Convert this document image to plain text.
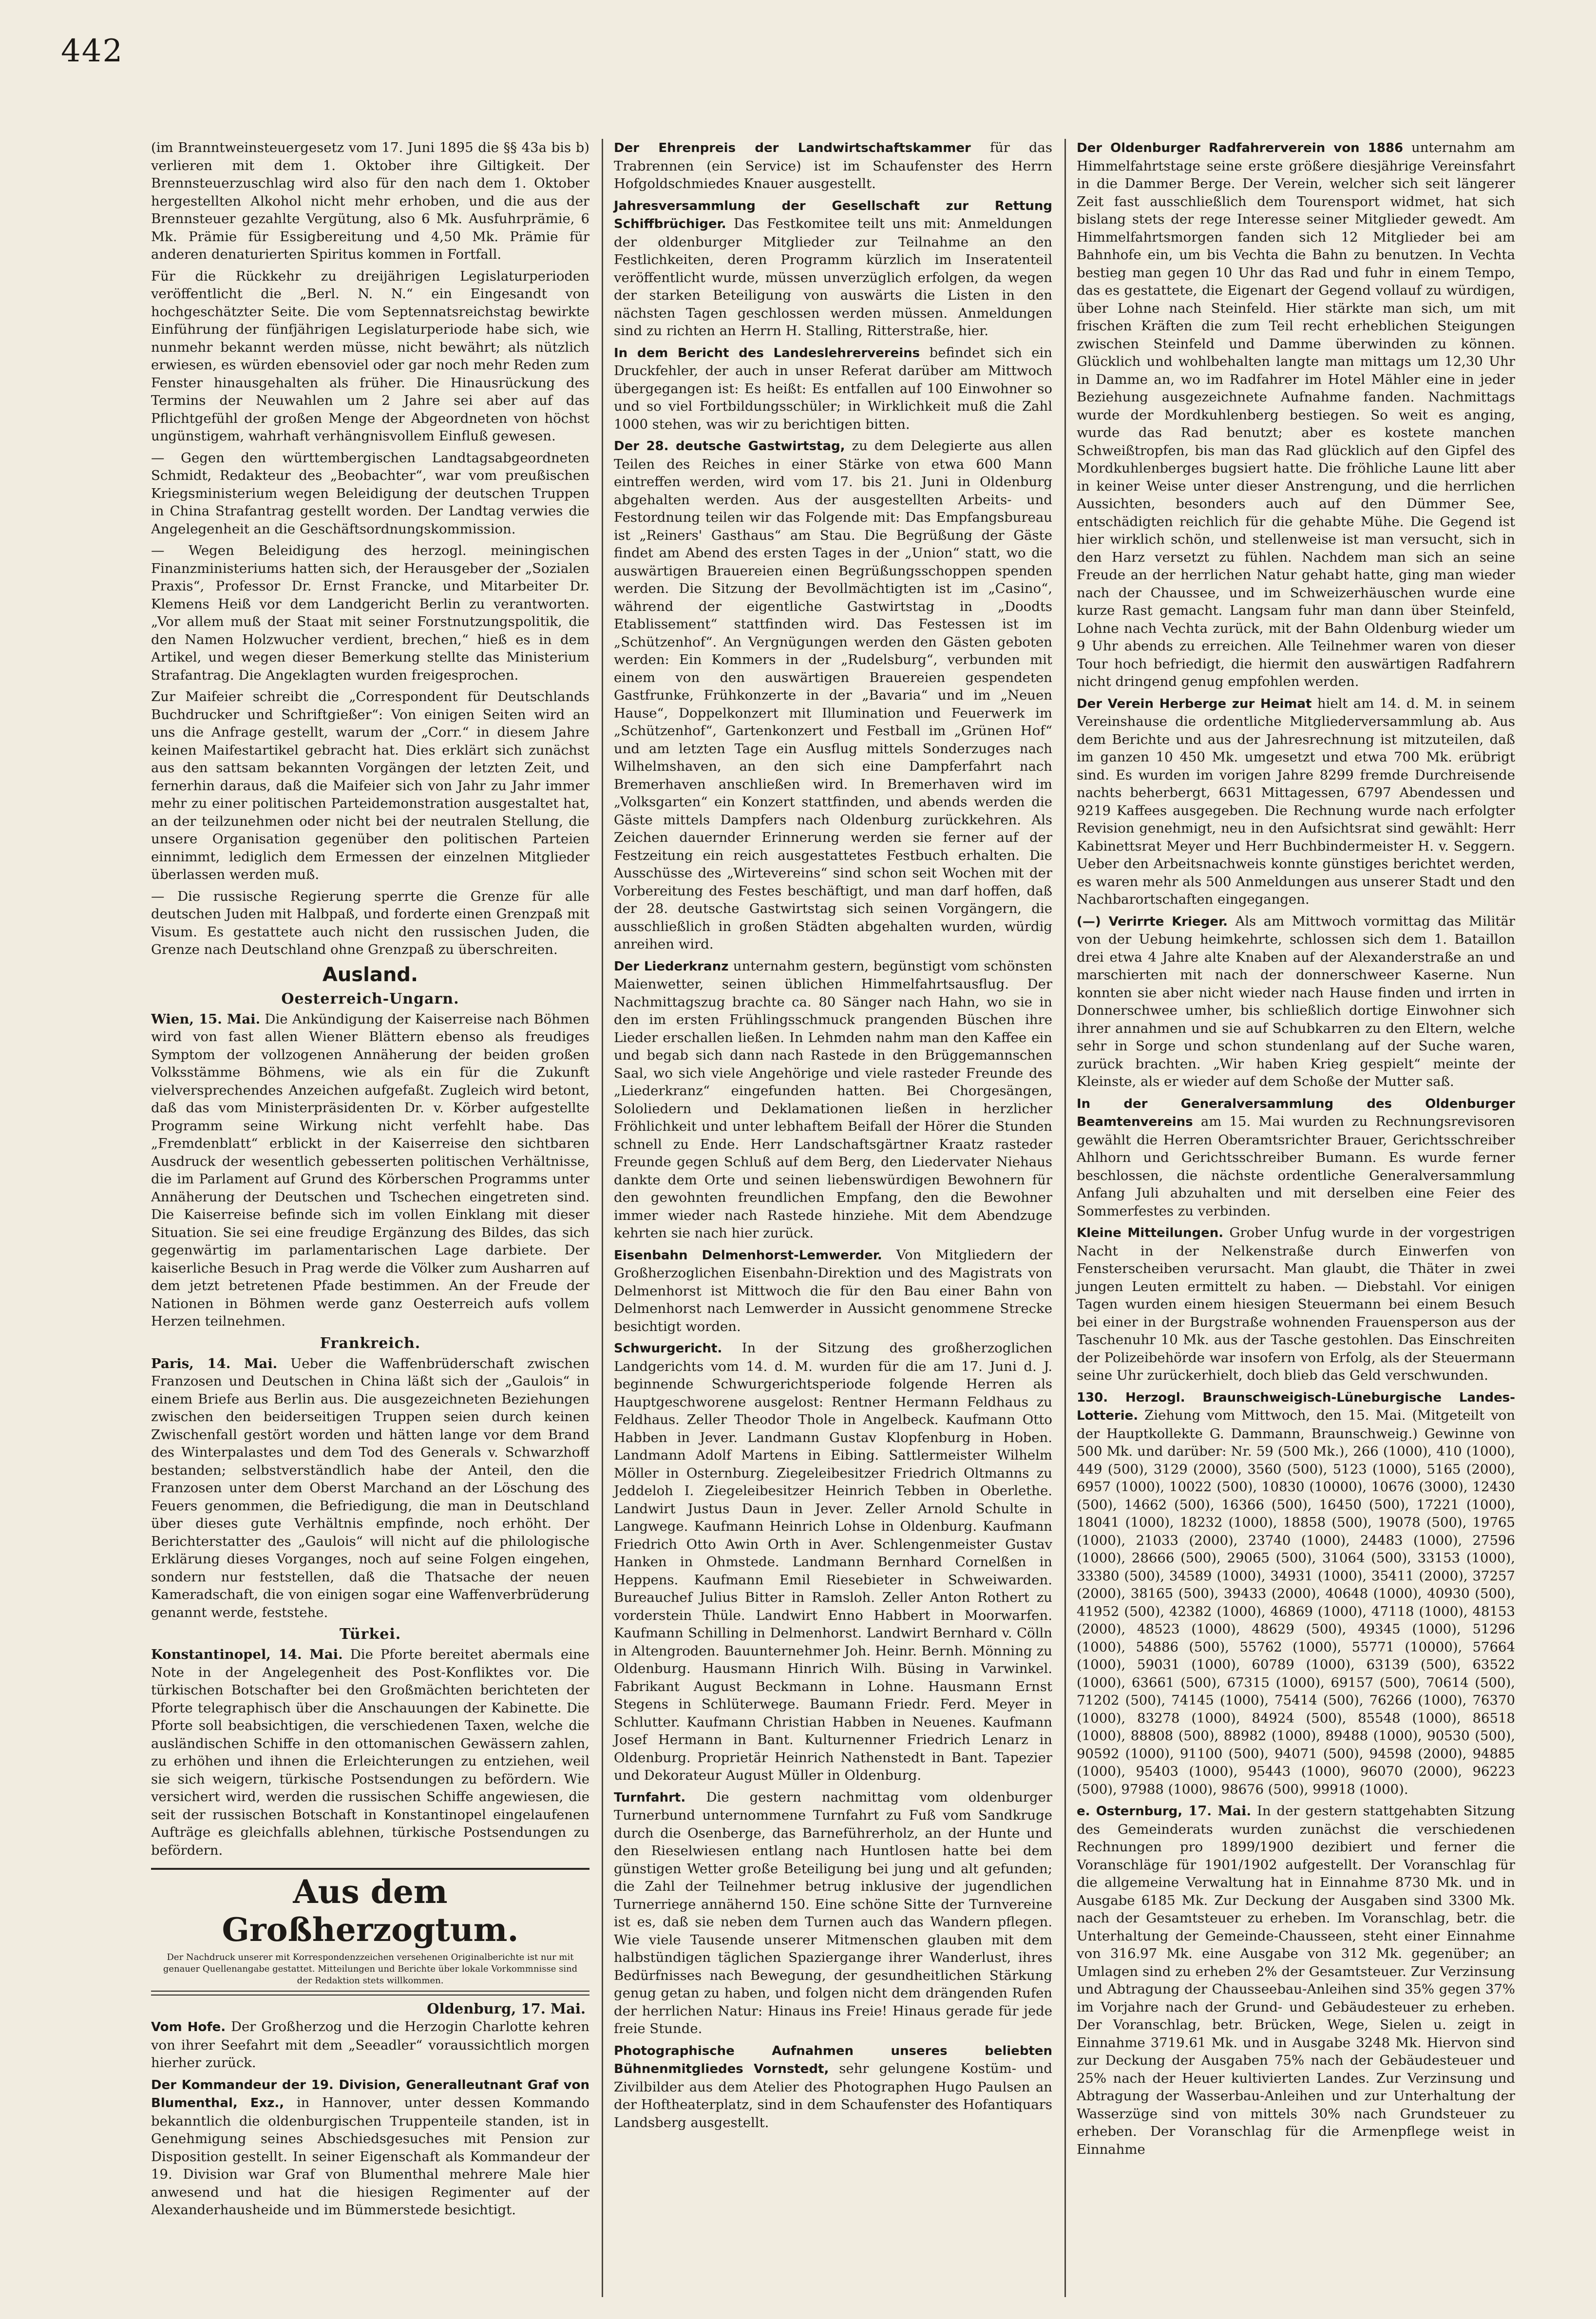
442

(im Branntweinsteuergesetz vom 17. Juni 1895 die §§ 43a bis b) verlieren mit dem 1. Oktober ihre Giltigkeit. Der Brennsteuerzuschlag wird also für den nach dem 1. Oktober hergestellten Alkohol nicht mehr erhoben, und die aus der Brennsteuer gezahlte Vergütung, also 6 Mk. Ausfuhrprämie, 6 Mk. Prämie für Essigbereitung und 4,50 Mk. Prämie für anderen denaturierten Spiritus kommen in Fortfall.

Für die Rückkehr zu dreijährigen Legislaturperioden veröffentlicht die „Berl. N. N.“ ein Eingesandt von hochgeschätzter Seite. Die vom Septennatsreichstag bewirkte Einführung der fünfjährigen Legislaturperiode habe sich, wie nunmehr bekannt werden müsse, nicht bewährt; als nützlich erwiesen, es würden ebensoviel oder gar noch mehr Reden zum Fenster hinausgehalten als früher. Die Hinausrückung des Termins der Neuwahlen um 2 Jahre sei aber auf das Pflichtgefühl der großen Menge der Abgeordneten von höchst ungünstigem, wahrhaft verhängnisvollem Einfluß gewesen.

— Gegen den württembergischen Landtagsabgeordneten Schmidt, Redakteur des „Beobachter“, war vom preußischen Kriegsministerium wegen Beleidigung der deutschen Truppen in China Strafantrag gestellt worden. Der Landtag verwies die Angelegenheit an die Geschäftsordnungskommission.

— Wegen Beleidigung des herzogl. meiningischen Finanzministeriums hatten sich, der Herausgeber der „Sozialen Praxis“, Professor Dr. Ernst Francke, und Mitarbeiter Dr. Klemens Heiß vor dem Landgericht Berlin zu verantworten. „Vor allem muß der Staat mit seiner Forstnutzungspolitik, die den Namen Holzwucher verdient, brechen,“ hieß es in dem Artikel, und wegen dieser Bemerkung stellte das Ministerium Strafantrag. Die Angeklagten wurden freigesprochen.

Zur Maifeier schreibt die „Correspondent für Deutschlands Buchdrucker und Schriftgießer“: Von einigen Seiten wird an uns die Anfrage gestellt, warum der „Corr.“ in diesem Jahre keinen Maifestartikel gebracht hat. Dies erklärt sich zunächst aus den sattsam bekannten Vorgängen der letzten Zeit, und fernerhin daraus, daß die Maifeier sich von Jahr zu Jahr immer mehr zu einer politischen Parteidemonstration ausgestaltet hat, an der teilzunehmen oder nicht bei der neutralen Stellung, die unsere Organisation gegenüber den politischen Parteien einnimmt, lediglich dem Ermessen der einzelnen Mitglieder überlassen werden muß.

— Die russische Regierung sperrte die Grenze für alle deutschen Juden mit Halbpaß, und forderte einen Grenzpaß mit Visum. Es gestattete auch nicht den russischen Juden, die Grenze nach Deutschland ohne Grenzpaß zu überschreiten.

Ausland.
Oesterreich-Ungarn.

Wien, 15. Mai. Die Ankündigung der Kaiserreise nach Böhmen wird von fast allen Wiener Blättern ebenso als freudiges Symptom der vollzogenen Annäherung der beiden großen Volksstämme Böhmens, wie als ein für die Zukunft vielversprechendes Anzeichen aufgefaßt. Zugleich wird betont, daß das vom Ministerpräsidenten Dr. v. Körber aufgestellte Programm seine Wirkung nicht verfehlt habe. Das „Fremdenblatt“ erblickt in der Kaiserreise den sichtbaren Ausdruck der wesentlich gebesserten politischen Verhältnisse, die im Parlament auf Grund des Körberschen Programms unter Annäherung der Deutschen und Tschechen eingetreten sind. Die Kaiserreise befinde sich im vollen Einklang mit dieser Situation. Sie sei eine freudige Ergänzung des Bildes, das sich gegenwärtig im parlamentarischen Lage darbiete. Der kaiserliche Besuch in Prag werde die Völker zum Ausharren auf dem jetzt betretenen Pfade bestimmen. An der Freude der Nationen in Böhmen werde ganz Oesterreich aufs vollem Herzen teilnehmen.

Frankreich.

Paris, 14. Mai. Ueber die Waffenbrüderschaft zwischen Franzosen und Deutschen in China läßt sich der „Gaulois“ in einem Briefe aus Berlin aus. Die ausgezeichneten Beziehungen zwischen den beiderseitigen Truppen seien durch keinen Zwischenfall gestört worden und hätten lange vor dem Brand des Winterpalastes und dem Tod des Generals v. Schwarzhoff bestanden; selbstverständlich habe der Anteil, den die Franzosen unter dem Oberst Marchand an der Löschung des Feuers genommen, die Befriedigung, die man in Deutschland über dieses gute Verhältnis empfinde, noch erhöht. Der Berichterstatter des „Gaulois“ will nicht auf die philologische Erklärung dieses Vorganges, noch auf seine Folgen eingehen, sondern nur feststellen, daß die Thatsache der neuen Kameradschaft, die von einigen sogar eine Waffenverbrüderung genannt werde, feststehe.

Türkei.

Konstantinopel, 14. Mai. Die Pforte bereitet abermals eine Note in der Angelegenheit des Post-Konfliktes vor. Die türkischen Botschafter bei den Großmächten berichteten der Pforte telegraphisch über die Anschauungen der Kabinette. Die Pforte soll beabsichtigen, die verschiedenen Taxen, welche die ausländischen Schiffe in den ottomanischen Gewässern zahlen, zu erhöhen und ihnen die Erleichterungen zu entziehen, weil sie sich weigern, türkische Postsendungen zu befördern. Wie versichert wird, werden die russischen Schiffe angewiesen, die seit der russischen Botschaft in Konstantinopel eingelaufenen Aufträge es gleichfalls ablehnen, türkische Postsendungen zu befördern.

Aus dem Großherzogtum.
Der Nachdruck unserer mit Korrespondenzzeichen versehenen Originalberichte ist nur mit genauer Quellenangabe gestattet. Mitteilungen und Berichte über lokale Vorkommnisse sind der Redaktion stets willkommen.
Oldenburg, 17. Mai.

Vom Hofe. Der Großherzog und die Herzogin Charlotte kehren von ihrer Seefahrt mit dem „Seeadler“ voraussichtlich morgen hierher zurück.

Der Kommandeur der 19. Division, Generalleutnant Graf von Blumenthal, Exz., in Hannover, unter dessen Kommando bekanntlich die oldenburgischen Truppenteile standen, ist in Genehmigung seines Abschiedsgesuches mit Pension zur Disposition gestellt. In seiner Eigenschaft als Kommandeur der 19. Division war Graf von Blumenthal mehrere Male hier anwesend und hat die hiesigen Regimenter auf der Alexanderhausheide und im Bümmerstede besichtigt.

Der Ehrenpreis der Landwirtschaftskammer für das Trabrennen (ein Service) ist im Schaufenster des Herrn Hofgoldschmiedes Knauer ausgestellt.

Jahresversammlung der Gesellschaft zur Rettung Schiffbrüchiger. Das Festkomitee teilt uns mit: Anmeldungen der oldenburger Mitglieder zur Teilnahme an den Festlichkeiten, deren Programm kürzlich im Inseratenteil veröffentlicht wurde, müssen unverzüglich erfolgen, da wegen der starken Beteiligung von auswärts die Listen in den nächsten Tagen geschlossen werden müssen. Anmeldungen sind zu richten an Herrn H. Stalling, Ritterstraße, hier.

In dem Bericht des Landeslehrervereins befindet sich ein Druckfehler, der auch in unser Referat darüber am Mittwoch übergegangen ist: Es heißt: Es entfallen auf 100 Einwohner so und so viel Fortbildungsschüler; in Wirklichkeit muß die Zahl 1000 stehen, was wir zu berichtigen bitten.

Der 28. deutsche Gastwirtstag, zu dem Delegierte aus allen Teilen des Reiches in einer Stärke von etwa 600 Mann eintreffen werden, wird vom 17. bis 21. Juni in Oldenburg abgehalten werden. Aus der ausgestellten Arbeits- und Festordnung teilen wir das Folgende mit: Das Empfangsbureau ist „Reiners' Gasthaus“ am Stau. Die Begrüßung der Gäste findet am Abend des ersten Tages in der „Union“ statt, wo die auswärtigen Brauereien einen Begrüßungsschoppen spenden werden. Die Sitzung der Bevollmächtigten ist im „Casino“, während der eigentliche Gastwirtstag in „Doodts Etablissement“ stattfinden wird. Das Festessen ist im „Schützenhof“. An Vergnügungen werden den Gästen geboten werden: Ein Kommers in der „Rudelsburg“, verbunden mit einem von den auswärtigen Brauereien gespendeten Gastfrunke, Frühkonzerte in der „Bavaria“ und im „Neuen Hause“, Doppelkonzert mit Illumination und Feuerwerk im „Schützenhof“, Gartenkonzert und Festball im „Grünen Hof“ und am letzten Tage ein Ausflug mittels Sonderzuges nach Wilhelmshaven, an den sich eine Dampferfahrt nach Bremerhaven anschließen wird. In Bremerhaven wird im „Volksgarten“ ein Konzert stattfinden, und abends werden die Gäste mittels Dampfers nach Oldenburg zurückkehren. Als Zeichen dauernder Erinnerung werden sie ferner auf der Festzeitung ein reich ausgestattetes Festbuch erhalten. Die Ausschüsse des „Wirtevereins“ sind schon seit Wochen mit der Vorbereitung des Festes beschäftigt, und man darf hoffen, daß der 28. deutsche Gastwirtstag sich seinen Vorgängern, die ausschließlich in großen Städten abgehalten wurden, würdig anreihen wird.

Der Liederkranz unternahm gestern, begünstigt vom schönsten Maienwetter, seinen üblichen Himmelfahrtsausflug. Der Nachmittagszug brachte ca. 80 Sänger nach Hahn, wo sie in den im ersten Frühlingsschmuck prangenden Büschen ihre Lieder erschallen ließen. In Lehmden nahm man den Kaffee ein und begab sich dann nach Rastede in den Brüggemannschen Saal, wo sich viele Angehörige und viele rasteder Freunde des „Liederkranz“ eingefunden hatten. Bei Chorgesängen, Sololiedern und Deklamationen ließen in herzlicher Fröhlichkeit und unter lebhaftem Beifall der Hörer die Stunden schnell zu Ende. Herr Landschaftsgärtner Kraatz rasteder Freunde gegen Schluß auf dem Berg, den Liedervater Niehaus dankte dem Orte und seinen liebenswürdigen Bewohnern für den gewohnten freundlichen Empfang, den die Bewohner immer wieder nach Rastede hinziehe. Mit dem Abendzuge kehrten sie nach hier zurück.

Eisenbahn Delmenhorst-Lemwerder. Von Mitgliedern der Großherzoglichen Eisenbahn-Direktion und des Magistrats von Delmenhorst ist Mittwoch die für den Bau einer Bahn von Delmenhorst nach Lemwerder in Aussicht genommene Strecke besichtigt worden.

Schwurgericht. In der Sitzung des großherzoglichen Landgerichts vom 14. d. M. wurden für die am 17. Juni d. J. beginnende Schwurgerichtsperiode folgende Herren als Hauptgeschworene ausgelost: Rentner Hermann Feldhaus zu Feldhaus. Zeller Theodor Thole in Angelbeck. Kaufmann Otto Habben in Jever. Landmann Gustav Klopfenburg in Hoben. Landmann Adolf Martens in Eibing. Sattlermeister Wilhelm Möller in Osternburg. Ziegeleibesitzer Friedrich Oltmanns zu Jeddeloh I. Ziegeleibesitzer Heinrich Tebben in Oberlethe. Landwirt Justus Daun in Jever. Zeller Arnold Schulte in Langwege. Kaufmann Heinrich Lohse in Oldenburg. Kaufmann Friedrich Otto Awin Orth in Aver. Schlengenmeister Gustav Hanken in Ohmstede. Landmann Bernhard Cornelßen in Heppens. Kaufmann Emil Riesebieter in Schweiwarden. Bureauchef Julius Bitter in Ramsloh. Zeller Anton Rothert zu vorderstein Thüle. Landwirt Enno Habbert in Moorwarfen. Kaufmann Schilling in Delmenhorst. Landwirt Bernhard v. Cölln in Altengroden. Bauunternehmer Joh. Heinr. Bernh. Mönning zu Oldenburg. Hausmann Hinrich Wilh. Büsing in Varwinkel. Fabrikant August Beckmann in Lohne. Hausmann Ernst Stegens in Schlüterwege. Baumann Friedr. Ferd. Meyer in Schlutter. Kaufmann Christian Habben in Neuenes. Kaufmann Josef Hermann in Bant. Kulturnenner Friedrich Lenarz in Oldenburg. Proprietär Heinrich Nathenstedt in Bant. Tapezier und Dekorateur August Müller in Oldenburg.

Turnfahrt. Die gestern nachmittag vom oldenburger Turnerbund unternommene Turnfahrt zu Fuß vom Sandkruge durch die Osenberge, das Barneführerholz, an der Hunte und den Rieselwiesen entlang nach Huntlosen hatte bei dem günstigen Wetter große Beteiligung bei jung und alt gefunden; die Zahl der Teilnehmer betrug inklusive der jugendlichen Turnerriege annähernd 150. Eine schöne Sitte der Turnvereine ist es, daß sie neben dem Turnen auch das Wandern pflegen. Wie viele Tausende unserer Mitmenschen glauben mit dem halbstündigen täglichen Spaziergange ihrer Wanderlust, ihres Bedürfnisses nach Bewegung, der gesundheitlichen Stärkung genug getan zu haben, und folgen nicht dem drängenden Rufen der herrlichen Natur: Hinaus ins Freie! Hinaus gerade für jede freie Stunde.

Photographische Aufnahmen unseres beliebten Bühnenmitgliedes Vornstedt, sehr gelungene Kostüm- und Zivilbilder aus dem Atelier des Photographen Hugo Paulsen an der Hoftheaterplatz, sind in dem Schaufenster des Hofantiquars Landsberg ausgestellt.

Der Oldenburger Radfahrerverein von 1886 unternahm am Himmelfahrtstage seine erste größere diesjährige Vereinsfahrt in die Dammer Berge. Der Verein, welcher sich seit längerer Zeit fast ausschließlich dem Tourensport widmet, hat sich bislang stets der rege Interesse seiner Mitglieder gewedt. Am Himmelfahrtsmorgen fanden sich 12 Mitglieder bei am Bahnhofe ein, um bis Vechta die Bahn zu benutzen. In Vechta bestieg man gegen 10 Uhr das Rad und fuhr in einem Tempo, das es gestattete, die Eigenart der Gegend vollauf zu würdigen, über Lohne nach Steinfeld. Hier stärkte man sich, um mit frischen Kräften die zum Teil recht erheblichen Steigungen zwischen Steinfeld und Damme überwinden zu können. Glücklich und wohlbehalten langte man mittags um 12,30 Uhr in Damme an, wo im Radfahrer im Hotel Mähler eine in jeder Beziehung ausgezeichnete Aufnahme fanden. Nachmittags wurde der Mordkuhlenberg bestiegen. So weit es anging, wurde das Rad benutzt; aber es kostete manchen Schweißtropfen, bis man das Rad glücklich auf den Gipfel des Mordkuhlenberges bugsiert hatte. Die fröhliche Laune litt aber in keiner Weise unter dieser Anstrengung, und die herrlichen Aussichten, besonders auch auf den Dümmer See, entschädigten reichlich für die gehabte Mühe. Die Gegend ist hier wirklich schön, und stellenweise ist man versucht, sich in den Harz versetzt zu fühlen. Nachdem man sich an seine Freude an der herrlichen Natur gehabt hatte, ging man wieder nach der Chaussee, und im Schweizerhäuschen wurde eine kurze Rast gemacht. Langsam fuhr man dann über Steinfeld, Lohne nach Vechta zurück, mit der Bahn Oldenburg wieder um 9 Uhr abends zu erreichen. Alle Teilnehmer waren von dieser Tour hoch befriedigt, die hiermit den auswärtigen Radfahrern nicht dringend genug empfohlen werden.

Der Verein Herberge zur Heimat hielt am 14. d. M. in seinem Vereinshause die ordentliche Mitgliederversammlung ab. Aus dem Berichte und aus der Jahresrechnung ist mitzuteilen, daß im ganzen 10 450 Mk. umgesetzt und etwa 700 Mk. erübrigt sind. Es wurden im vorigen Jahre 8299 fremde Durchreisende nachts beherbergt, 6631 Mittagessen, 6797 Abendessen und 9219 Kaffees ausgegeben. Die Rechnung wurde nach erfolgter Revision genehmigt, neu in den Aufsichtsrat sind gewählt: Herr Kabinettsrat Meyer und Herr Buchbindermeister H. v. Seggern. Ueber den Arbeitsnachweis konnte günstiges berichtet werden, es waren mehr als 500 Anmeldungen aus unserer Stadt und den Nachbarortschaften eingegangen.

(—) Verirrte Krieger. Als am Mittwoch vormittag das Militär von der Uebung heimkehrte, schlossen sich dem 1. Bataillon drei etwa 4 Jahre alte Knaben auf der Alexanderstraße an und marschierten mit nach der donnerschweer Kaserne. Nun konnten sie aber nicht wieder nach Hause finden und irrten in Donnerschwee umher, bis schließlich dortige Einwohner sich ihrer annahmen und sie auf Schubkarren zu den Eltern, welche sehr in Sorge und schon stundenlang auf der Suche waren, zurück brachten. „Wir haben Krieg gespielt“ meinte der Kleinste, als er wieder auf dem Schoße der Mutter saß.

In der Generalversammlung des Oldenburger Beamtenvereins am 15. Mai wurden zu Rechnungsrevisoren gewählt die Herren Oberamtsrichter Brauer, Gerichtsschreiber Ahlhorn und Gerichtsschreiber Bumann. Es wurde ferner beschlossen, die nächste ordentliche Generalversammlung Anfang Juli abzuhalten und mit derselben eine Feier des Sommerfestes zu verbinden.

Kleine Mitteilungen. Grober Unfug wurde in der vorgestrigen Nacht in der Nelkenstraße durch Einwerfen von Fensterscheiben verursacht. Man glaubt, die Thäter in zwei jungen Leuten ermittelt zu haben. — Diebstahl. Vor einigen Tagen wurden einem hiesigen Steuermann bei einem Besuch bei einer in der Burgstraße wohnenden Frauensperson aus der Taschenuhr 10 Mk. aus der Tasche gestohlen. Das Einschreiten der Polizeibehörde war insofern von Erfolg, als der Steuermann seine Uhr zurückerhielt, doch blieb das Geld verschwunden.

130. Herzogl. Braunschweigisch-Lüneburgische Landes-Lotterie. Ziehung vom Mittwoch, den 15. Mai. (Mitgeteilt von der Hauptkollekte G. Dammann, Braunschweig.) Gewinne von 500 Mk. und darüber: Nr. 59 (500 Mk.), 266 (1000), 410 (1000), 449 (500), 3129 (2000), 3560 (500), 5123 (1000), 5165 (2000), 6957 (1000), 10022 (500), 10830 (10000), 10676 (3000), 12430 (500), 14662 (500), 16366 (500), 16450 (500), 17221 (1000), 18041 (1000), 18232 (1000), 18858 (500), 19078 (500), 19765 (1000), 21033 (2000), 23740 (1000), 24483 (1000), 27596 (1000), 28666 (500), 29065 (500), 31064 (500), 33153 (1000), 33380 (500), 34589 (1000), 34931 (1000), 35411 (2000), 37257 (2000), 38165 (500), 39433 (2000), 40648 (1000), 40930 (500), 41952 (500), 42382 (1000), 46869 (1000), 47118 (1000), 48153 (2000), 48523 (1000), 48629 (500), 49345 (1000), 51296 (1000), 54886 (500), 55762 (1000), 55771 (10000), 57664 (1000), 59031 (1000), 60789 (1000), 63139 (500), 63522 (1000), 63661 (500), 67315 (1000), 69157 (500), 70614 (500), 71202 (500), 74145 (1000), 75414 (500), 76266 (1000), 76370 (1000), 83278 (1000), 84924 (500), 85548 (1000), 86518 (1000), 88808 (500), 88982 (1000), 89488 (1000), 90530 (500), 90592 (1000), 91100 (500), 94071 (500), 94598 (2000), 94885 (1000), 95403 (1000), 95443 (1000), 96070 (2000), 96223 (500), 97988 (1000), 98676 (500), 99918 (1000).

e. Osternburg, 17. Mai. In der gestern stattgehabten Sitzung des Gemeinderats wurden zunächst die verschiedenen Rechnungen pro 1899/1900 dezibiert und ferner die Voranschläge für 1901/1902 aufgestellt. Der Voranschlag für die allgemeine Verwaltung hat in Einnahme 8730 Mk. und in Ausgabe 6185 Mk. Zur Deckung der Ausgaben sind 3300 Mk. nach der Gesamtsteuer zu erheben. Im Voranschlag, betr. die Unterhaltung der Gemeinde-Chausseen, steht einer Einnahme von 316.97 Mk. eine Ausgabe von 312 Mk. gegenüber; an Umlagen sind zu erheben 2% der Gesamtsteuer. Zur Verzinsung und Abtragung der Chausseebau-Anleihen sind 35% gegen 37% im Vorjahre nach der Grund- und Gebäudesteuer zu erheben. Der Voranschlag, betr. Brücken, Wege, Sielen u. zeigt in Einnahme 3719.61 Mk. und in Ausgabe 3248 Mk. Hiervon sind zur Deckung der Ausgaben 75% nach der Gebäudesteuer und 25% nach der Heuer kultivierten Landes. Zur Verzinsung und Abtragung der Wasserbau-Anleihen und zur Unterhaltung der Wasserzüge sind von mittels 30% nach Grundsteuer zu erheben. Der Voranschlag für die Armenpflege weist in Einnahme
